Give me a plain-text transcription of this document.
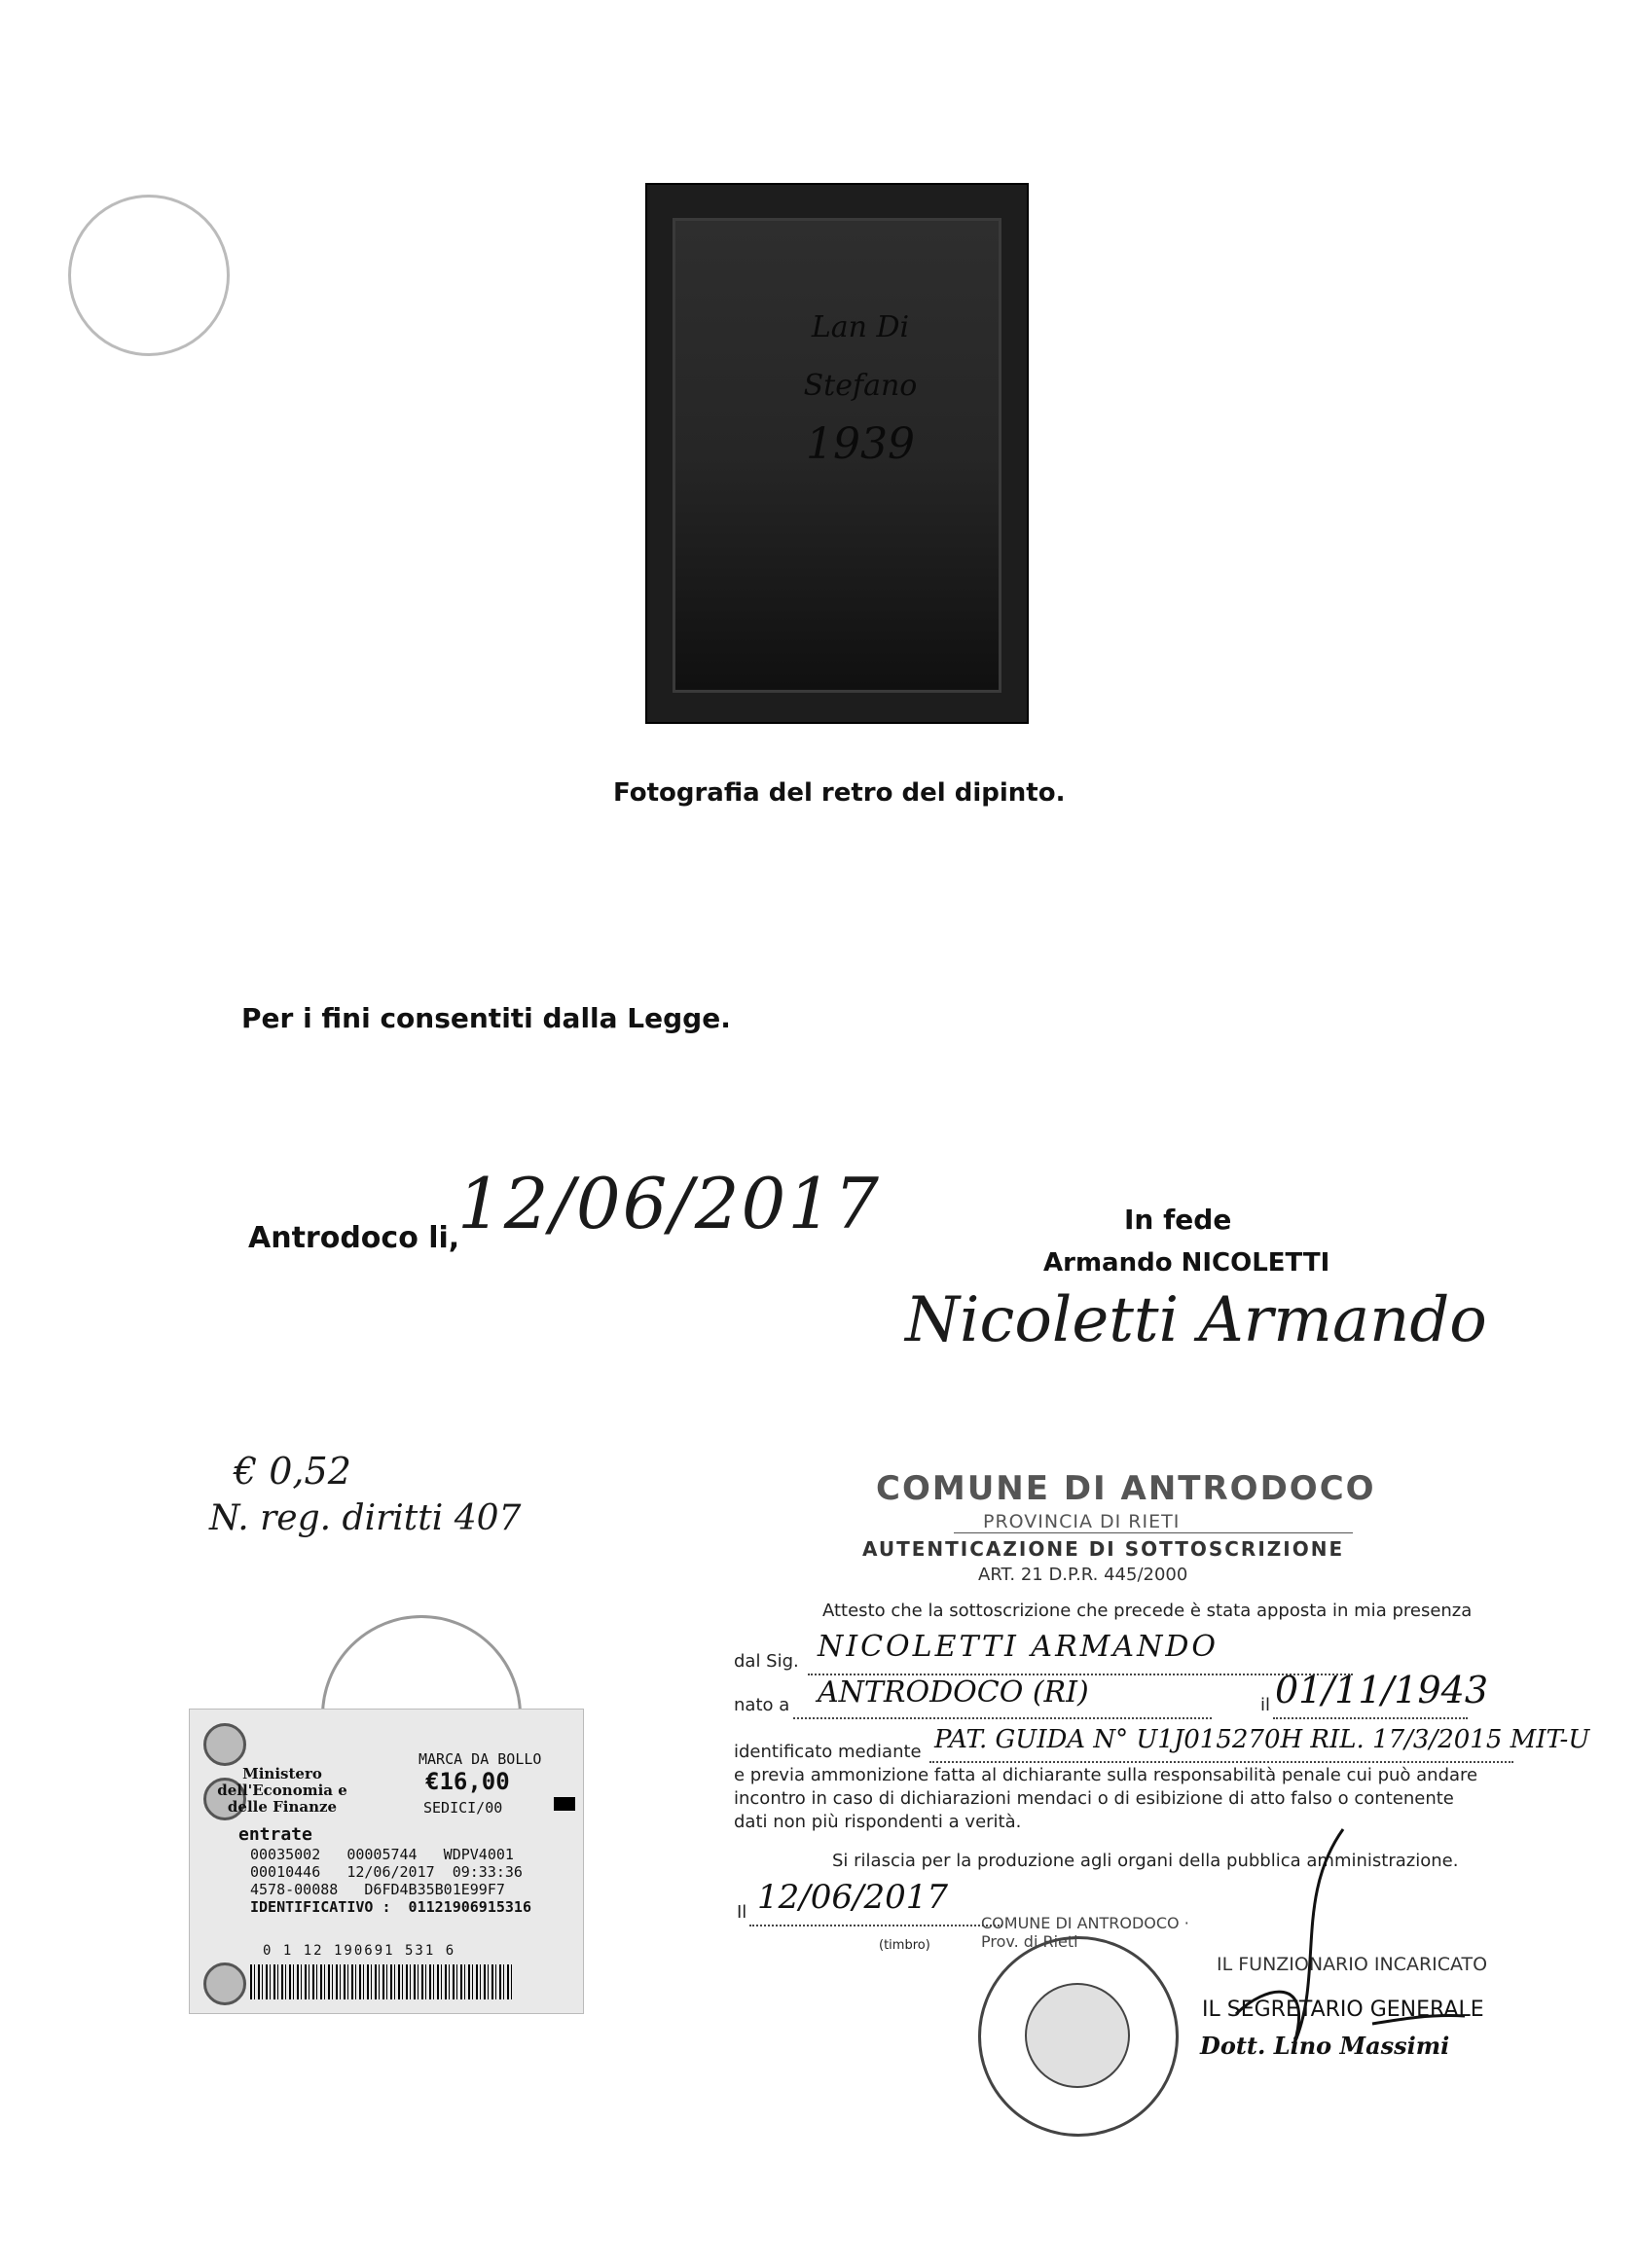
Lan Di Stefano
1939
Fotografia del retro del dipinto.
Per i fini consentiti dalla Legge.
Antrodoco li,
12/06/2017	In fede
Armando NICOLETTI
Nicoletti Armando
€ 0,52
N. reg. diritti 407
COMUNE DI ANTRODOCO
PROVINCIA DI RIETI
AUTENTICAZIONE DI SOTTOSCRIZIONE
ART. 21 D.P.R. 445/2000
Attesto che la sottoscrizione che precede è stata apposta in mia presenza
dal Sig. NICOLETTI ARMANDO
nato a ANTRODOCO (RI)	il 01/11/1943
identificato mediante PAT. GUIDA N° U1J015270H RIL. 17/3/2015 MIT-U
e previa ammonizione fatta al dichiarante sulla responsabilità penale cui può andare
incontro in caso di dichiarazioni mendaci o di esibizione di atto falso o contenente
dati non più rispondenti a verità.
Si rilascia per la produzione agli organi della pubblica amministrazione.
Il 12/06/2017
(timbro)
IL FUNZIONARIO INCARICATO
IL SEGRETARIO GENERALE
Dott. Lino Massimi
COMUNE DI ANTRODOCO · Prov. di Rieti
Ministero dell'Economia e delle Finanze
MARCA DA BOLLO
€16,00
SEDICI/00
entrate
00035002   00005744   WDPV4001
00010446   12/06/2017  09:33:36
4578-00088   D6FD4B35B01E99F7
IDENTIFICATIVO :  01121906915316
0 1 12 190691 531 6
